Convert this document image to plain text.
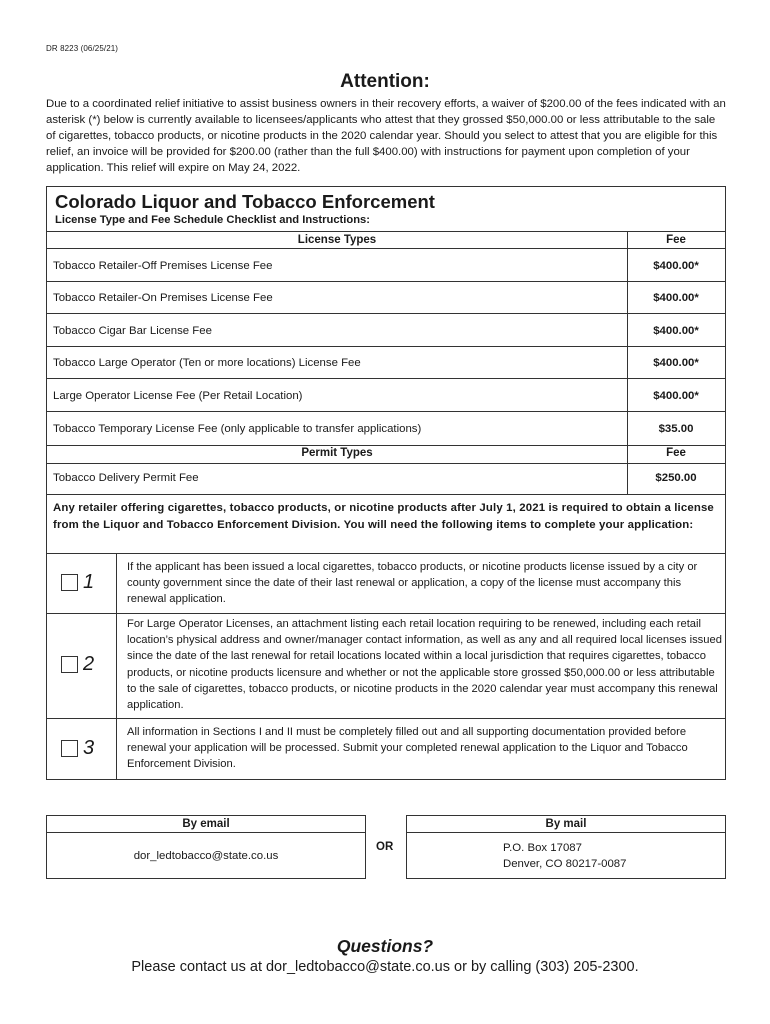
DR 8223 (06/25/21)
Attention:
Due to a coordinated relief initiative to assist business owners in their recovery efforts, a waiver of $200.00 of the fees indicated with an asterisk (*) below is currently available to licensees/applicants who attest that they grossed $50,000.00 or less attributable to the sale of cigarettes, tobacco products, or nicotine products in the 2020 calendar year. Should you select to attest that you are eligible for this relief, an invoice will be provided for $200.00 (rather than the full $400.00) with instructions for payment upon completion of your application. This relief will expire on May 24, 2022.
Colorado Liquor and Tobacco Enforcement
License Type and Fee Schedule Checklist and Instructions:
License Types	Fee
Tobacco Retailer-Off Premises License Fee	$400.00*
Tobacco Retailer-On Premises License Fee	$400.00*
Tobacco Cigar Bar License Fee	$400.00*
Tobacco Large Operator (Ten or more locations) License Fee	$400.00*
Large Operator License Fee (Per Retail Location)	$400.00*
Tobacco Temporary License Fee (only applicable to transfer applications)	$35.00
Permit Types	Fee
Tobacco Delivery Permit Fee	$250.00
Any retailer offering cigarettes, tobacco products, or nicotine products after July 1, 2021 is required to obtain a license from the Liquor and Tobacco Enforcement Division. You will need the following items to complete your application:
1
If the applicant has been issued a local cigarettes, tobacco products, or nicotine products license issued by a city or county government since the date of their last renewal or application, a copy of the license must accompany this renewal application.
2
For Large Operator Licenses, an attachment listing each retail location requiring to be renewed, including each retail location’s physical address and owner/manager contact information, as well as any and all required local licenses issued since the date of the last renewal for retail locations located within a local jurisdiction that requires cigarettes, tobacco products, or nicotine products licensure and whether or not the applicable store grossed $50,000.00 or less attributable to the sale of cigarettes, tobacco products, or nicotine products in the 2020 calendar year must accompany this renewal application.
3
All information in Sections I and II must be completely filled out and all supporting documentation provided before renewal your application will be processed. Submit your completed renewal application to the Liquor and Tobacco Enforcement Division.
By email
dor_ledtobacco@state.co.us
OR
By mail
P.O. Box 17087
Denver, CO 80217-0087
Questions?
Please contact us at dor_ledtobacco@state.co.us or by calling (303) 205-2300.
